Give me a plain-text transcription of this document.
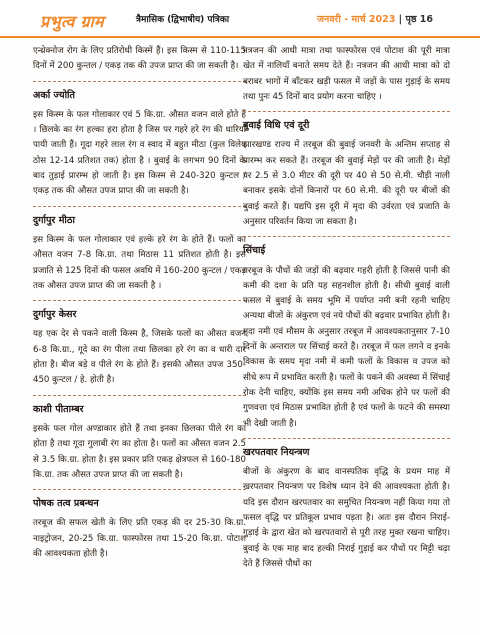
प्रभुत्व ग्राम	त्रैमासिक (द्विभाषीय) पत्रिका	जनवरी - मार्च 2023 | पृष्ठ 16

एन्थ्रेक्नोज रोग के लिए प्रतिरोधी किस्में हैं। इस किस्म से 110-115 दिनों में 200 कुन्तल / एकड़ तक की उपज प्राप्त की जा सकती है।

अर्का ज्योति

इस किस्म के फल गोलाकार एवं 5 कि.ग्रा. औसत वजन वाले होते हैं । छिलके का रंग हल्का हरा होता है जिस पर गहरे हरे रंग की धारियाँ पायी जाती हैं। गूदा गहरे लाल रंग व स्वाद में बहुत मीठा (कुल विलेय ठोस 12-14 प्रतिशत तक) होता है । बुवाई के लगभग 90 दिनों के बाद तुड़ाई प्रारम्भ हो जाती है। इस किस्म से 240-320 कुन्टल / एकड़ तक की औसत उपज प्राप्त की जा सकती है।

दुर्गापुर मीठा

इस किस्म के फल गोलाकार एवं हल्के हरे रंग के होते हैं। फलों का औसत वजन 7-8 कि.ग्रा. तथा मिठास 11 प्रतिशत होती है। इस प्रजाति से 125 दिनों की फसल अवधि में 160-200 कुन्टल / एकड़ तक औसत उपज प्राप्त की जा सकती है ।

दुर्गापुर केसर

यह एक देर से पकने वाली किस्म है, जिसके फलों का औसत वजन 6-8 कि.ग्रा., गूदे का रंग पीला तथा छिलका हरे रंग का व धारी दार होता है। बीज बड़े व पीले रंग के होते हैं। इसकी औसत उपज 350-450 कुन्टल / हे. होती है।

काशी पीताम्बर

इसके फल गोल अण्डाकार होते हैं तथा इनका छिलका पीले रंग का होता है तथा गूदा गुलाबी रंग का होता है। फलों का औसत वजन 2.5 से 3.5 कि.ग्रा. होता है। इस प्रकार प्रति एकड़ क्षेत्रफल से 160-180 कि.ग्रा. तक औसत उपज प्राप्त की जा सकती है।

पोषक तत्व प्रबन्धन

तरबूज की सफल खेती के लिए प्रति एकड़ की दर 25-30 कि.ग्रा. नाइट्रोजन, 20-25 कि.ग्रा. फास्फोरस तथा 15-20 कि.ग्रा. पोटाश की आवश्यकता होती है।

नत्रजन की आधी मात्रा तथा फास्फोरस एवं पोटाश की पूरी मात्रा खेत में नालियाँ बनाते समय देते हैं। नत्रजन की आधी मात्रा को दो बराबर भागों में बाँटकर खड़ी फसल में जड़ों के पास गुड़ाई के समय तथा पुनः 45 दिनों बाद प्रयोग करना चाहिए ।

बुवाई विधि एवं दूरी

झारखण्ड राज्य में तरबूज की बुवाई जनवरी के अन्तिम सप्ताह से प्रारम्भ कर सकते हैं। तरबूज की बुवाई मेड़ों पर की जाती है। मेड़ों पर 2.5 से 3.0 मीटर की दूरी पर 40 से 50 से.मी. चौड़ी नाली बनाकर इसके दोनों किनारों पर 60 से.मी. की दूरी पर बीजों की बुवाई करते हैं। यद्यपि इस दूरी में मृदा की उर्वरता एवं प्रजाति के अनुसार परिवर्तन किया जा सकता है।

सिंचाई

तरबूज के पौधों की जड़ों की बढ़वार गहरी होती है जिससे पानी की कमी की दशा के प्रति यह सहनशील होती है। सीधी बुवाई वाली फसल में बुवाई के समय भूमि में पर्याप्त नमी बनी रहनी चाहिए अन्यथा बीजों के अंकुरण एवं नये पौधों की बढ़वार प्रभावित होती है। मृदा नमी एवं मौसम के अनुसार तरबूज में आवश्यकतानुसार 7-10 दिनों के अन्तराल पर सिंचाई करते हैं। तरबूज में फल लगने व इनके विकास के समय मृदा नमी में कमी फलों के विकास व उपज को सीधे रूप में प्रभावित करती है। फलों के पकने की अवस्था में सिंचाई रोक देनी चाहिए, क्योंकि इस समय नमी अधिक होने पर फलों की गुणवत्ता एवं मिठास प्रभावित होती है एवं फलों के फटने की समस्या भी देखी जाती है।

खरपतवार नियन्त्रण

बीजों के अंकुरण के बाद वानस्पतिक वृद्धि के प्रथम माह में खरपतवार नियन्त्रण पर विशेष ध्यान देने की आवश्यकता होती है। यदि इस दौरान खरपतवार का समुचित नियन्त्रण नहीं किया गया तो फसल वृद्धि पर प्रतिकूल प्रभाव पड़ता है। अतः इस दौरान निराई-गुड़ाई के द्वारा खेत को खरपतवारों से पूरी तरह मुक्त रखना चाहिए। बुवाई के एक माह बाद हल्की निराई गुड़ाई कर पौधों पर मिट्टी चढ़ा देते हैं जिससे पौधों का
